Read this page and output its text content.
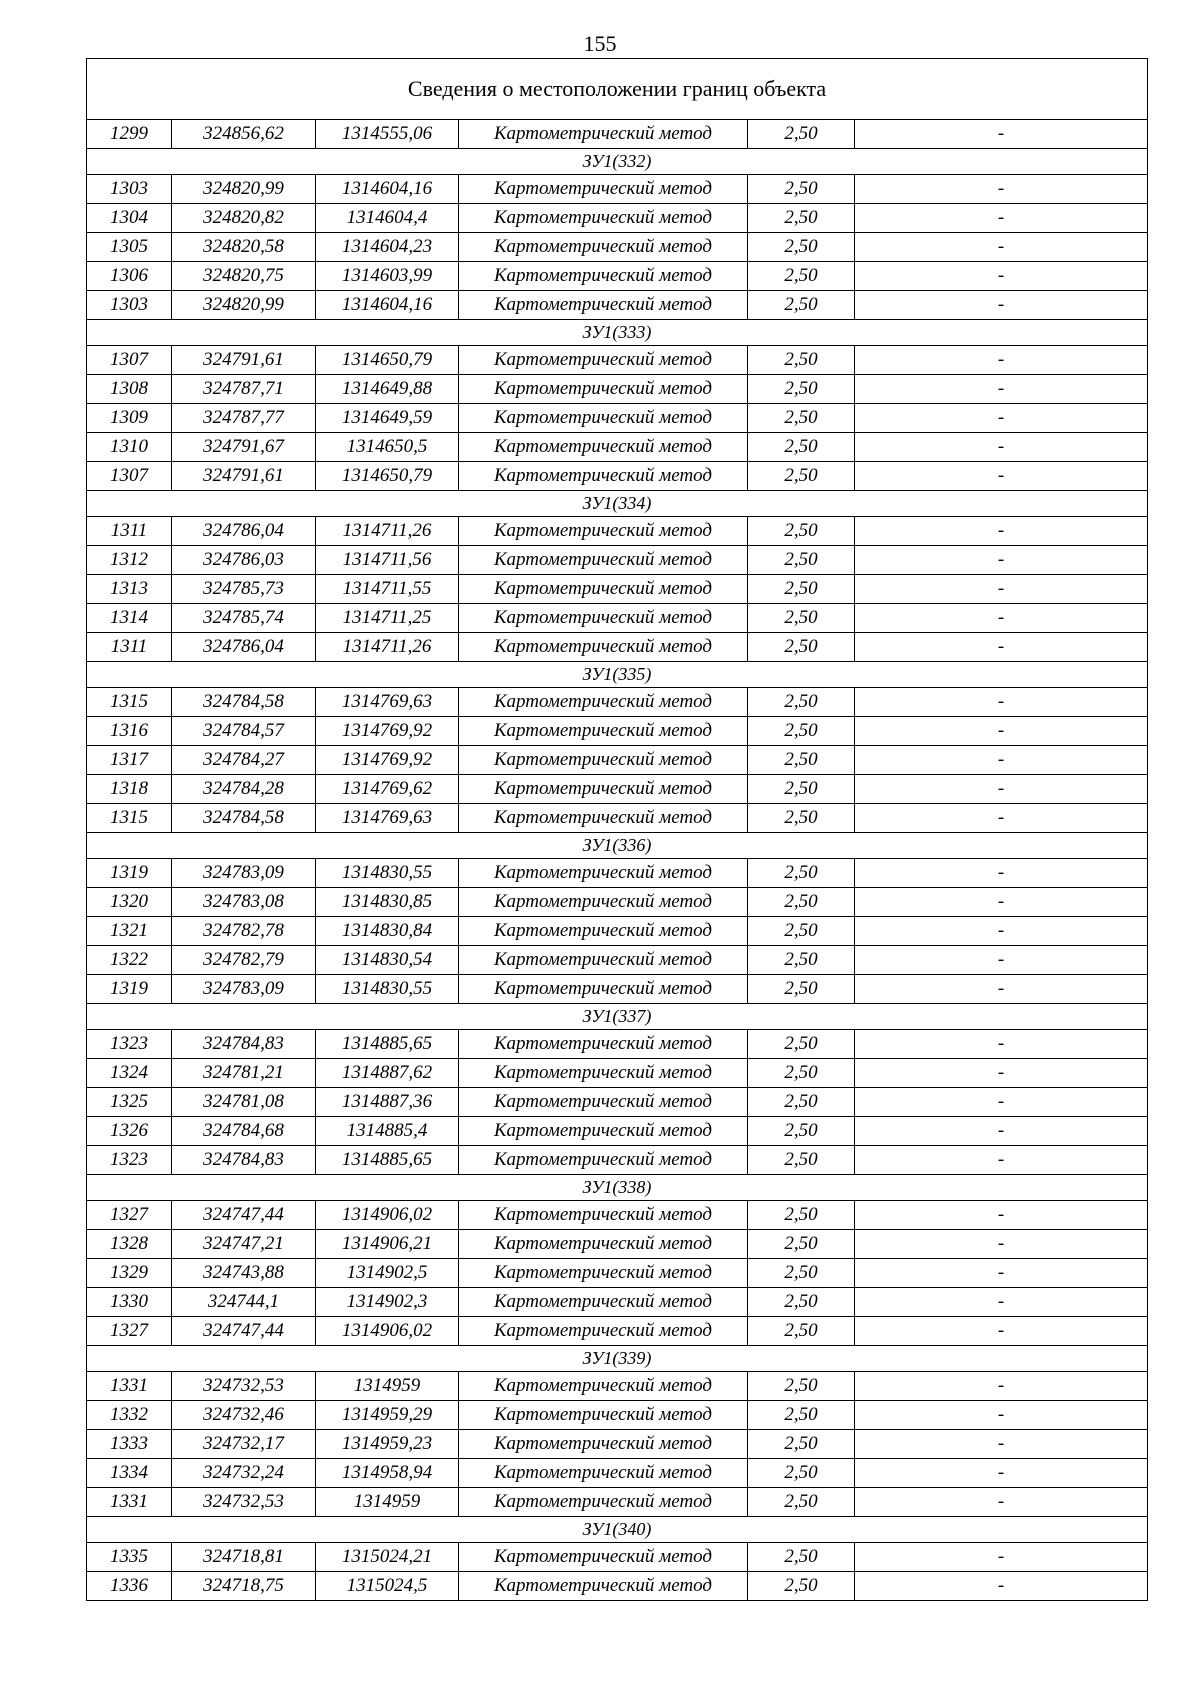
155
Сведения о местоположении границ объекта					
1299	324856,62	1314555,06	Картометрический метод	2,50	-
ЗУ1(332)					
1303	324820,99	1314604,16	Картометрический метод	2,50	-
1304	324820,82	1314604,4	Картометрический метод	2,50	-
1305	324820,58	1314604,23	Картометрический метод	2,50	-
1306	324820,75	1314603,99	Картометрический метод	2,50	-
1303	324820,99	1314604,16	Картометрический метод	2,50	-
ЗУ1(333)					
1307	324791,61	1314650,79	Картометрический метод	2,50	-
1308	324787,71	1314649,88	Картометрический метод	2,50	-
1309	324787,77	1314649,59	Картометрический метод	2,50	-
1310	324791,67	1314650,5	Картометрический метод	2,50	-
1307	324791,61	1314650,79	Картометрический метод	2,50	-
ЗУ1(334)					
1311	324786,04	1314711,26	Картометрический метод	2,50	-
1312	324786,03	1314711,56	Картометрический метод	2,50	-
1313	324785,73	1314711,55	Картометрический метод	2,50	-
1314	324785,74	1314711,25	Картометрический метод	2,50	-
1311	324786,04	1314711,26	Картометрический метод	2,50	-
ЗУ1(335)					
1315	324784,58	1314769,63	Картометрический метод	2,50	-
1316	324784,57	1314769,92	Картометрический метод	2,50	-
1317	324784,27	1314769,92	Картометрический метод	2,50	-
1318	324784,28	1314769,62	Картометрический метод	2,50	-
1315	324784,58	1314769,63	Картометрический метод	2,50	-
ЗУ1(336)					
1319	324783,09	1314830,55	Картометрический метод	2,50	-
1320	324783,08	1314830,85	Картометрический метод	2,50	-
1321	324782,78	1314830,84	Картометрический метод	2,50	-
1322	324782,79	1314830,54	Картометрический метод	2,50	-
1319	324783,09	1314830,55	Картометрический метод	2,50	-
ЗУ1(337)					
1323	324784,83	1314885,65	Картометрический метод	2,50	-
1324	324781,21	1314887,62	Картометрический метод	2,50	-
1325	324781,08	1314887,36	Картометрический метод	2,50	-
1326	324784,68	1314885,4	Картометрический метод	2,50	-
1323	324784,83	1314885,65	Картометрический метод	2,50	-
ЗУ1(338)					
1327	324747,44	1314906,02	Картометрический метод	2,50	-
1328	324747,21	1314906,21	Картометрический метод	2,50	-
1329	324743,88	1314902,5	Картометрический метод	2,50	-
1330	324744,1	1314902,3	Картометрический метод	2,50	-
1327	324747,44	1314906,02	Картометрический метод	2,50	-
ЗУ1(339)					
1331	324732,53	1314959	Картометрический метод	2,50	-
1332	324732,46	1314959,29	Картометрический метод	2,50	-
1333	324732,17	1314959,23	Картометрический метод	2,50	-
1334	324732,24	1314958,94	Картометрический метод	2,50	-
1331	324732,53	1314959	Картометрический метод	2,50	-
ЗУ1(340)					
1335	324718,81	1315024,21	Картометрический метод	2,50	-
1336	324718,75	1315024,5	Картометрический метод	2,50	-
